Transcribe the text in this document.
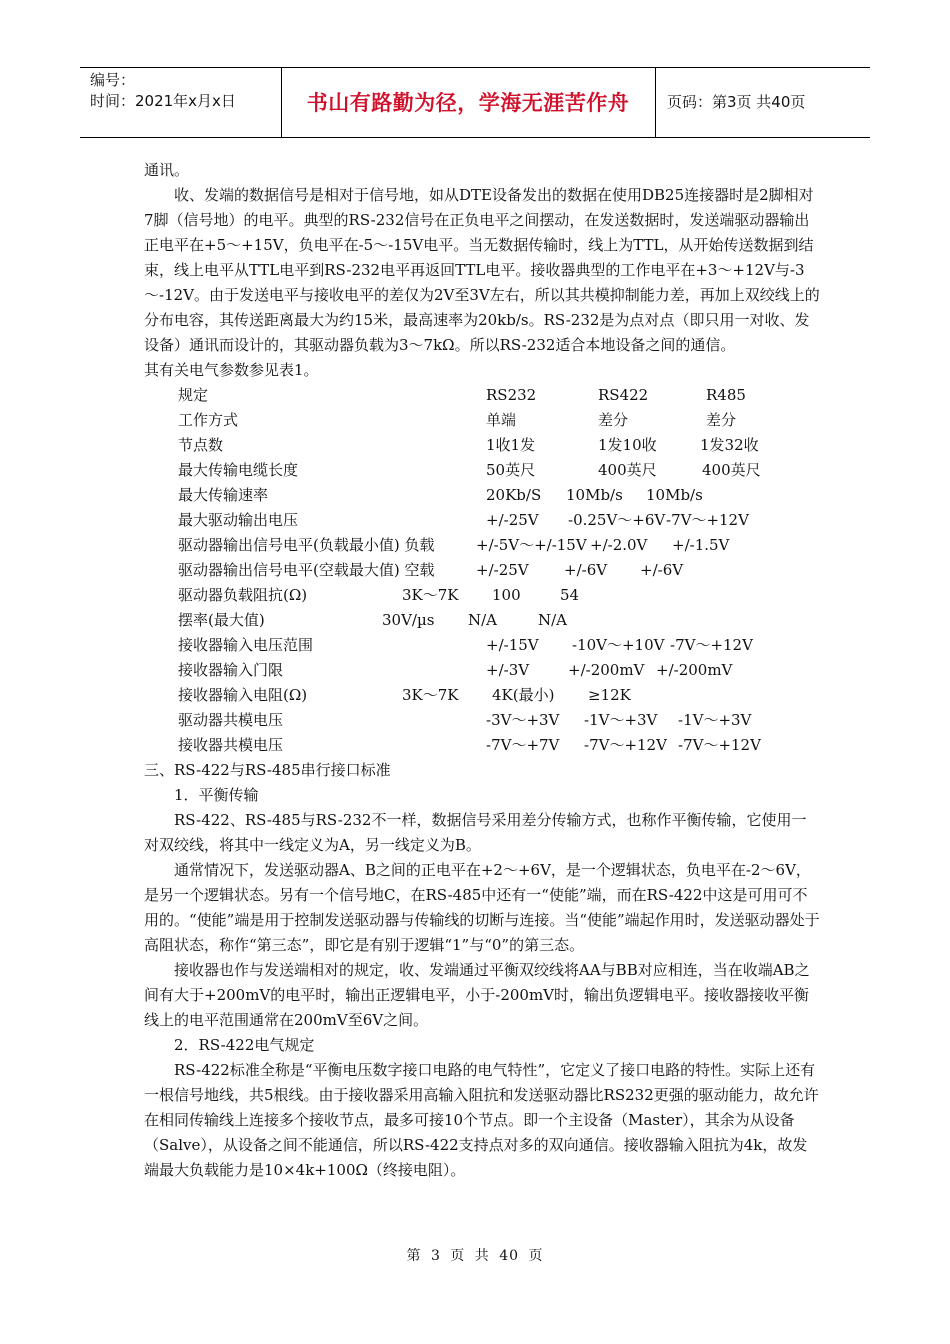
编号：
时间：2021年x月x日	书山有路勤为径，学海无涯苦作舟	页码：第3页 共40页

通讯。

收、发端的数据信号是相对于信号地，如从DTE设备发出的数据在使用DB25连接器时是2脚相对7脚（信号地）的电平。典型的RS-232信号在正负电平之间摆动，在发送数据时，发送端驱动器输出正电平在+5～+15V，负电平在-5～-15V电平。当无数据传输时，线上为TTL，从开始传送数据到结束，线上电平从TTL电平到RS-232电平再返回TTL电平。接收器典型的工作电平在+3～+12V与-3～-12V。由于发送电平与接收电平的差仅为2V至3V左右，所以其共模抑制能力差，再加上双绞线上的分布电容，其传送距离最大为约15米，最高速率为20kb/s。RS-232是为点对点（即只用一对收、发设备）通讯而设计的，其驱动器负载为3～7kΩ。所以RS-232适合本地设备之间的通信。

其有关电气参数参见表1。

规定	RS232	RS422	R485
工作方式	单端	差分	差分
节点数	1收1发	1发10收	1发32收
最大传输电缆长度	50英尺	400英尺	400英尺
最大传输速率	20Kb/S 10Mb/s 10Mb/s
最大驱动输出电压	+/-25V -0.25V～+6V -7V～+12V
驱动器输出信号电平(负载最小值) 负载	+/-5V～+/-15V +/-2.0V +/-1.5V
驱动器输出信号电平(空载最大值) 空载	+/-25V +/-6V +/-6V
驱动器负载阻抗(Ω)	3K～7K 100	54
摆率(最大值)	30V/µs N/A	N/A
接收器输入电压范围	+/-15V -10V～+10V -7V～+12V
接收器输入门限	+/-3V	+/-200mV +/-200mV
接收器输入电阻(Ω)	3K～7K 4K(最小) ≥12K
驱动器共模电压	-3V～+3V -1V～+3V -1V～+3V
接收器共模电压	-7V～+7V -7V～+12V -7V～+12V

三、RS-422与RS-485串行接口标准

1．平衡传输

RS-422、RS-485与RS-232不一样，数据信号采用差分传输方式，也称作平衡传输，它使用一对双绞线，将其中一线定义为A，另一线定义为B。

通常情况下，发送驱动器A、B之间的正电平在+2～+6V，是一个逻辑状态，负电平在-2～6V，是另一个逻辑状态。另有一个信号地C，在RS-485中还有一“使能”端，而在RS-422中这是可用可不用的。“使能”端是用于控制发送驱动器与传输线的切断与连接。当“使能”端起作用时，发送驱动器处于高阻状态，称作“第三态”，即它是有别于逻辑“1”与“0”的第三态。

接收器也作与发送端相对的规定，收、发端通过平衡双绞线将AA与BB对应相连，当在收端AB之间有大于+200mV的电平时，输出正逻辑电平，小于-200mV时，输出负逻辑电平。接收器接收平衡线上的电平范围通常在200mV至6V之间。

2．RS-422电气规定

RS-422标准全称是“平衡电压数字接口电路的电气特性”，它定义了接口电路的特性。实际上还有一根信号地线，共5根线。由于接收器采用高输入阻抗和发送驱动器比RS232更强的驱动能力，故允许在相同传输线上连接多个接收节点，最多可接10个节点。即一个主设备（Master），其余为从设备（Salve），从设备之间不能通信，所以RS-422支持点对多的双向通信。接收器输入阻抗为4k，故发端最大负载能力是10×4k+100Ω（终接电阻）。

第 3 页 共 40 页
